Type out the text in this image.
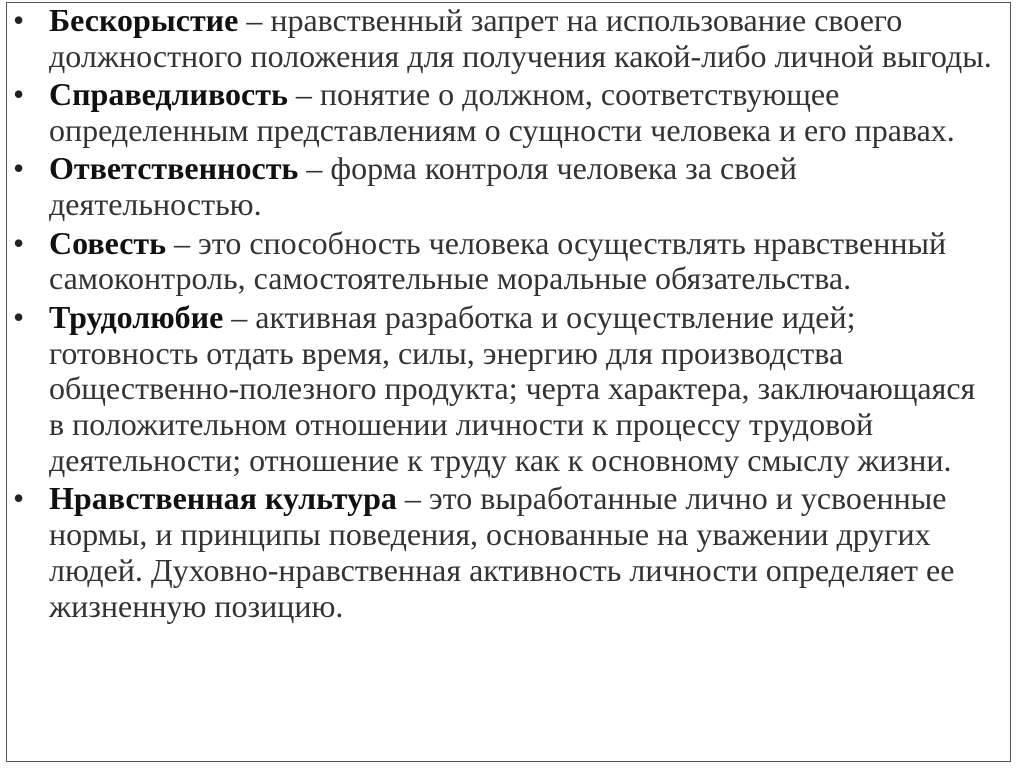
• Бескорыстие – нравственный запрет на использование своего должностного положения для получения какой-либо личной выгоды.
• Справедливость – понятие о должном, соответствующее определенным представлениям о сущности человека и его правах.
• Ответственность – форма контроля человека за своей деятельностью.
• Совесть – это способность человека осуществлять нравственный самоконтроль, самостоятельные моральные обязательства.
• Трудолюбие – активная разработка и осуществление идей; готовность отдать время, силы, энергию для производства общественно-полезного продукта; черта характера, заключающаяся в положительном отношении личности к процессу трудовой деятельности; отношение к труду как к основному смыслу жизни.
• Нравственная культура – это выработанные лично и усвоенные нормы, и принципы поведения, основанные на уважении других людей. Духовно-нравственная активность личности определяет ее жизненную позицию.
